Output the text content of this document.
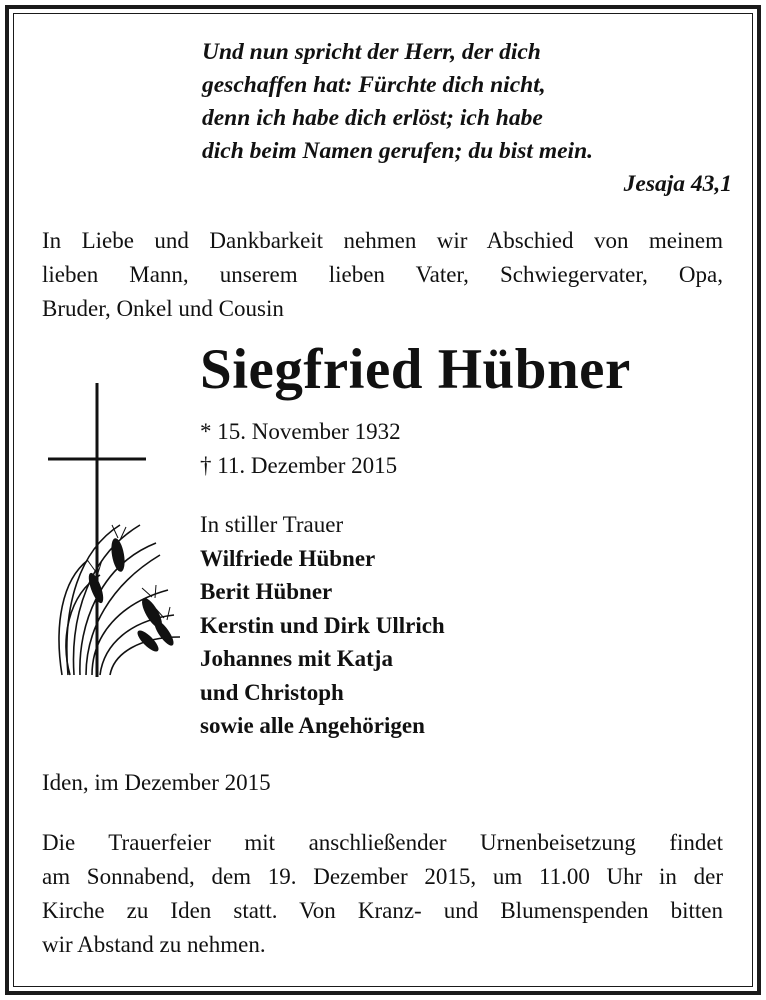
Und nun spricht der Herr, der dich
geschaffen hat: Fürchte dich nicht,
denn ich habe dich erlöst; ich habe
dich beim Namen gerufen; du bist mein.
Jesaja 43,1
In Liebe und Dankbarkeit nehmen wir Abschied von meinem
lieben Mann, unserem lieben Vater, Schwiegervater, Opa,
Bruder, Onkel und Cousin
Siegfried Hübner
* 15. November 1932
† 11. Dezember 2015
In stiller Trauer
Wilfriede Hübner
Berit Hübner
Kerstin und Dirk Ullrich
Johannes mit Katja
und Christoph
sowie alle Angehörigen
Iden, im Dezember 2015
Die Trauerfeier mit anschließender Urnenbeisetzung findet
am Sonnabend, dem 19. Dezember 2015, um 11.00 Uhr in der
Kirche zu Iden statt. Von Kranz- und Blumenspenden bitten
wir Abstand zu nehmen.
